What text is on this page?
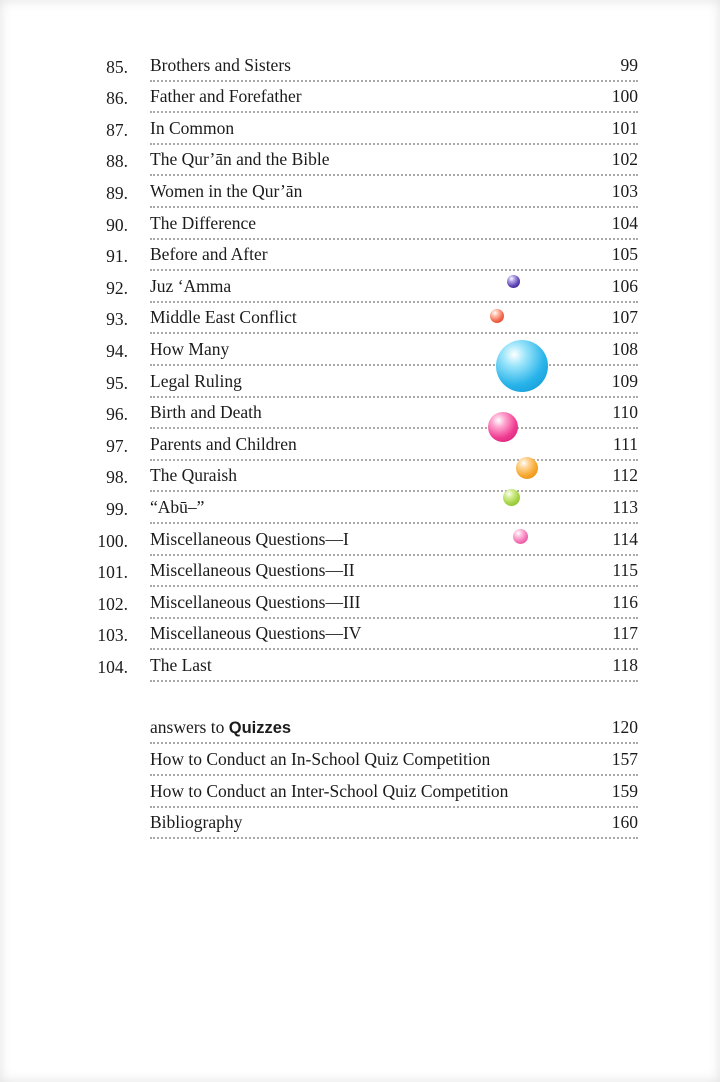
85. Brothers and Sisters	99
86. Father and Forefather	100
87. In Common	101
88. The Qur’ān and the Bible	102
89. Women in the Qur’ān	103
90. The Difference	104
91. Before and After	105
92. Juz ‘Amma	106
93. Middle East Conflict	107
94. How Many	108
95. Legal Ruling	109
96. Birth and Death	110
97. Parents and Children	111
98. The Quraish	112
99. “Abū–”	113
100. Miscellaneous Questions—I	114
101. Miscellaneous Questions—II	115
102. Miscellaneous Questions—III	116
103. Miscellaneous Questions—IV	117
104. The Last	118
answers to Quizzes	120
How to Conduct an In-School Quiz Competition	157
How to Conduct an Inter-School Quiz Competition	159
Bibliography	160
